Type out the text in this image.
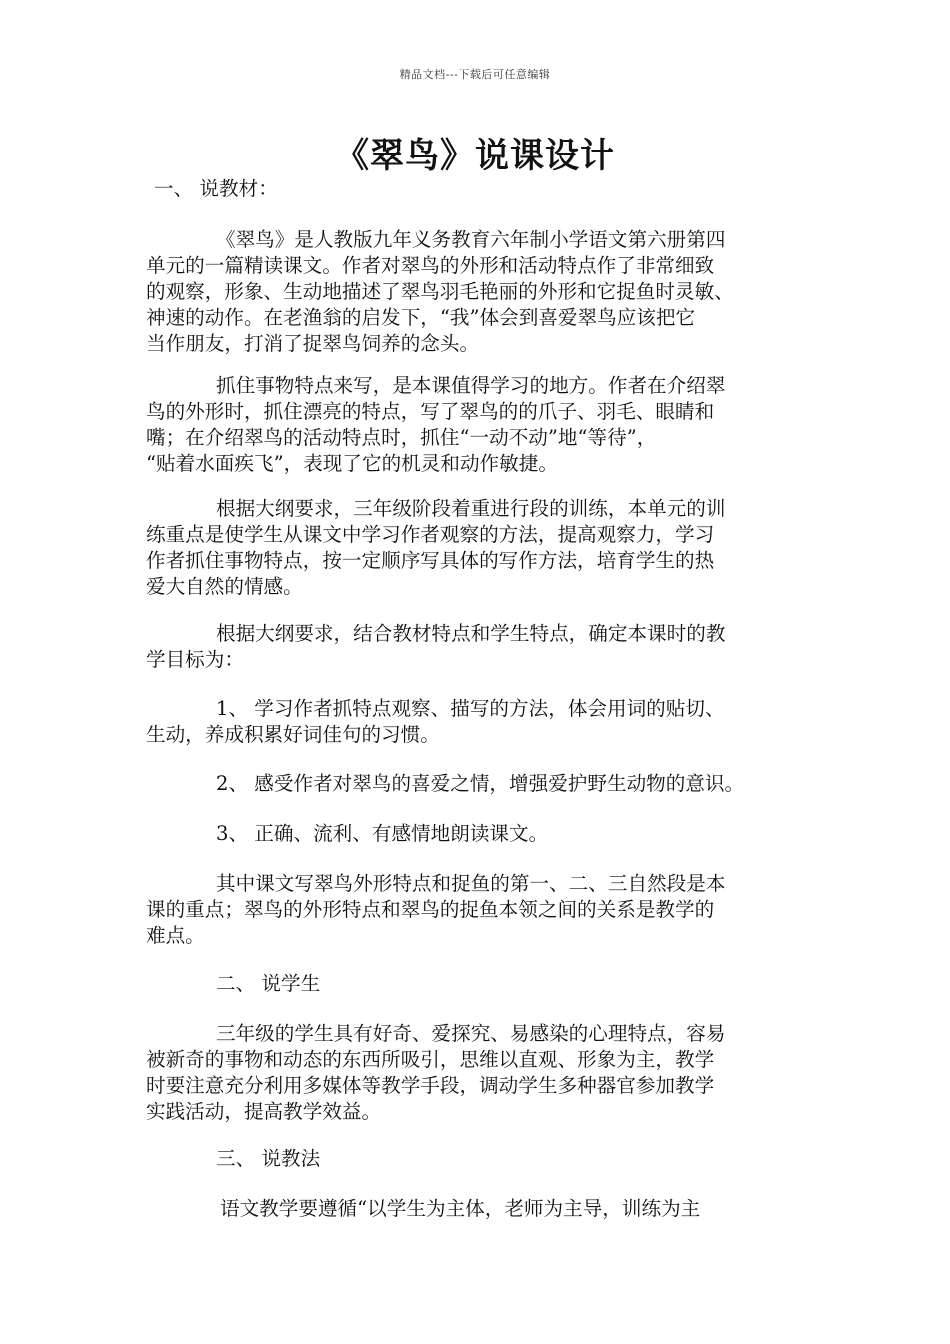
精品文档---下载后可任意编辑
《翠鸟》说课设计
一、 说教材：
《翠鸟》是人教版九年义务教育六年制小学语文第六册第四
单元的一篇精读课文。作者对翠鸟的外形和活动特点作了非常细致
的观察，形象、生动地描述了翠鸟羽毛艳丽的外形和它捉鱼时灵敏、
神速的动作。在老渔翁的启发下，“我”体会到喜爱翠鸟应该把它
当作朋友，打消了捉翠鸟饲养的念头。
抓住事物特点来写，是本课值得学习的地方。作者在介绍翠
鸟的外形时，抓住漂亮的特点，写了翠鸟的的爪子、羽毛、眼睛和
嘴；在介绍翠鸟的活动特点时，抓住“一动不动”地“等待”，
“贴着水面疾飞”，表现了它的机灵和动作敏捷。
根据大纲要求，三年级阶段着重进行段的训练，本单元的训
练重点是使学生从课文中学习作者观察的方法，提高观察力，学习
作者抓住事物特点，按一定顺序写具体的写作方法，培育学生的热
爱大自然的情感。
根据大纲要求，结合教材特点和学生特点，确定本课时的教
学目标为：
1、 学习作者抓特点观察、描写的方法，体会用词的贴切、
生动，养成积累好词佳句的习惯。
2、 感受作者对翠鸟的喜爱之情，增强爱护野生动物的意识。
3、 正确、流利、有感情地朗读课文。
其中课文写翠鸟外形特点和捉鱼的第一、二、三自然段是本
课的重点；翠鸟的外形特点和翠鸟的捉鱼本领之间的关系是教学的
难点。
二、 说学生
三年级的学生具有好奇、爱探究、易感染的心理特点，容易
被新奇的事物和动态的东西所吸引，思维以直观、形象为主，教学
时要注意充分利用多媒体等教学手段，调动学生多种器官参加教学
实践活动，提高教学效益。
三、 说教法
语文教学要遵循“以学生为主体，老师为主导，训练为主
